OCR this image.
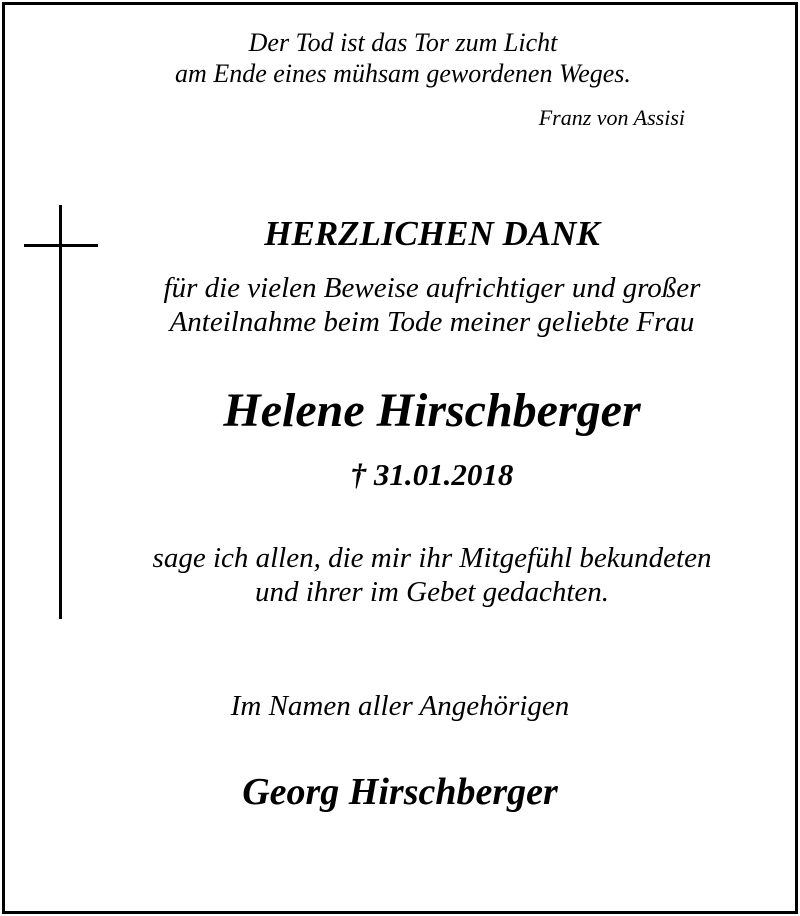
Der Tod ist das Tor zum Licht

am Ende eines mühsam gewordenen Weges.

Franz von Assisi
HERZLICHEN DANK

für die vielen Beweise aufrichtiger und großer

Anteilnahme beim Tode meiner geliebte Frau

Helene Hirschberger

† 31.01.2018

sage ich allen, die mir ihr Mitgefühl bekundeten

und ihrer im Gebet gedachten.

Im Namen aller Angehörigen

Georg Hirschberger
